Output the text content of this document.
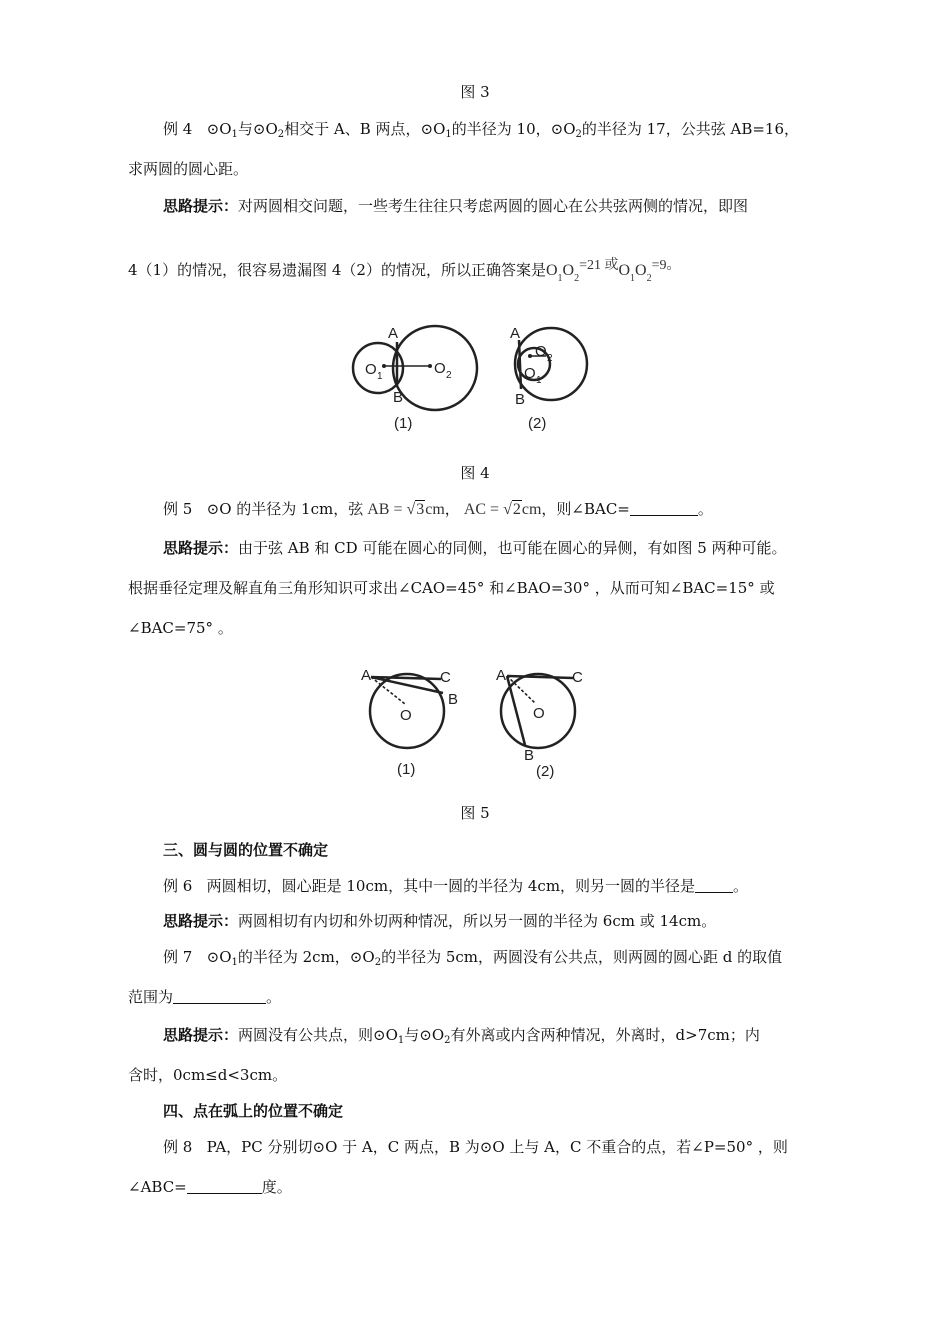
图 3
例 4 $⊙O_1$与$⊙O_2$相交于 A、B 两点，$⊙O_1$的半径为 10，$⊙O_2$的半径为 17，公共弦 AB=16，
求两圆的圆心距。
思路提示：对两圆相交问题，一些考生往往只考虑两圆的圆心在公共弦两侧的情况，即图
4（1）的情况，很容易遗漏图 4（2）的情况，所以正确答案是$O_1O_2=21$ 或$O_1O_2=9$。
A
B
O 1	O 2
A
B
O 2
O 1
(1)	(2)
图 4
例 5 ⊙O 的半径为 1cm，弦 AB = √3cm， AC = √2cm，则∠BAC=	。
思路提示：由于弦 AB 和 CD 可能在圆心的同侧，也可能在圆心的异侧，有如图 5 两种可能。
根据垂径定理及解直角三角形知识可求出∠CAO=45° 和∠BAO=30° ，从而可知∠BAC=15° 或
∠BAC=75° 。
A	C
B
O
A	C
B
O
(1)	(2)
图 5
三、圆与圆的位置不确定
例 6 两圆相切，圆心距是 10cm，其中一圆的半径为 4cm，则另一圆的半径是	。
思路提示：两圆相切有内切和外切两种情况，所以另一圆的半径为 6cm 或 14cm。
例 7 $⊙O_1$的半径为 2cm，$⊙O_2$的半径为 5cm，两圆没有公共点，则两圆的圆心距 d 的取值
范围为	。
思路提示：两圆没有公共点，则$⊙O_1$与$⊙O_2$有外离或内含两种情况，外离时，d>7cm；内
含时，0cm≤d<3cm。
四、点在弧上的位置不确定
例 8 PA，PC 分别切⊙O 于 A，C 两点，B 为⊙O 上与 A，C 不重合的点，若∠P=50° ，则
∠ABC=	度。
